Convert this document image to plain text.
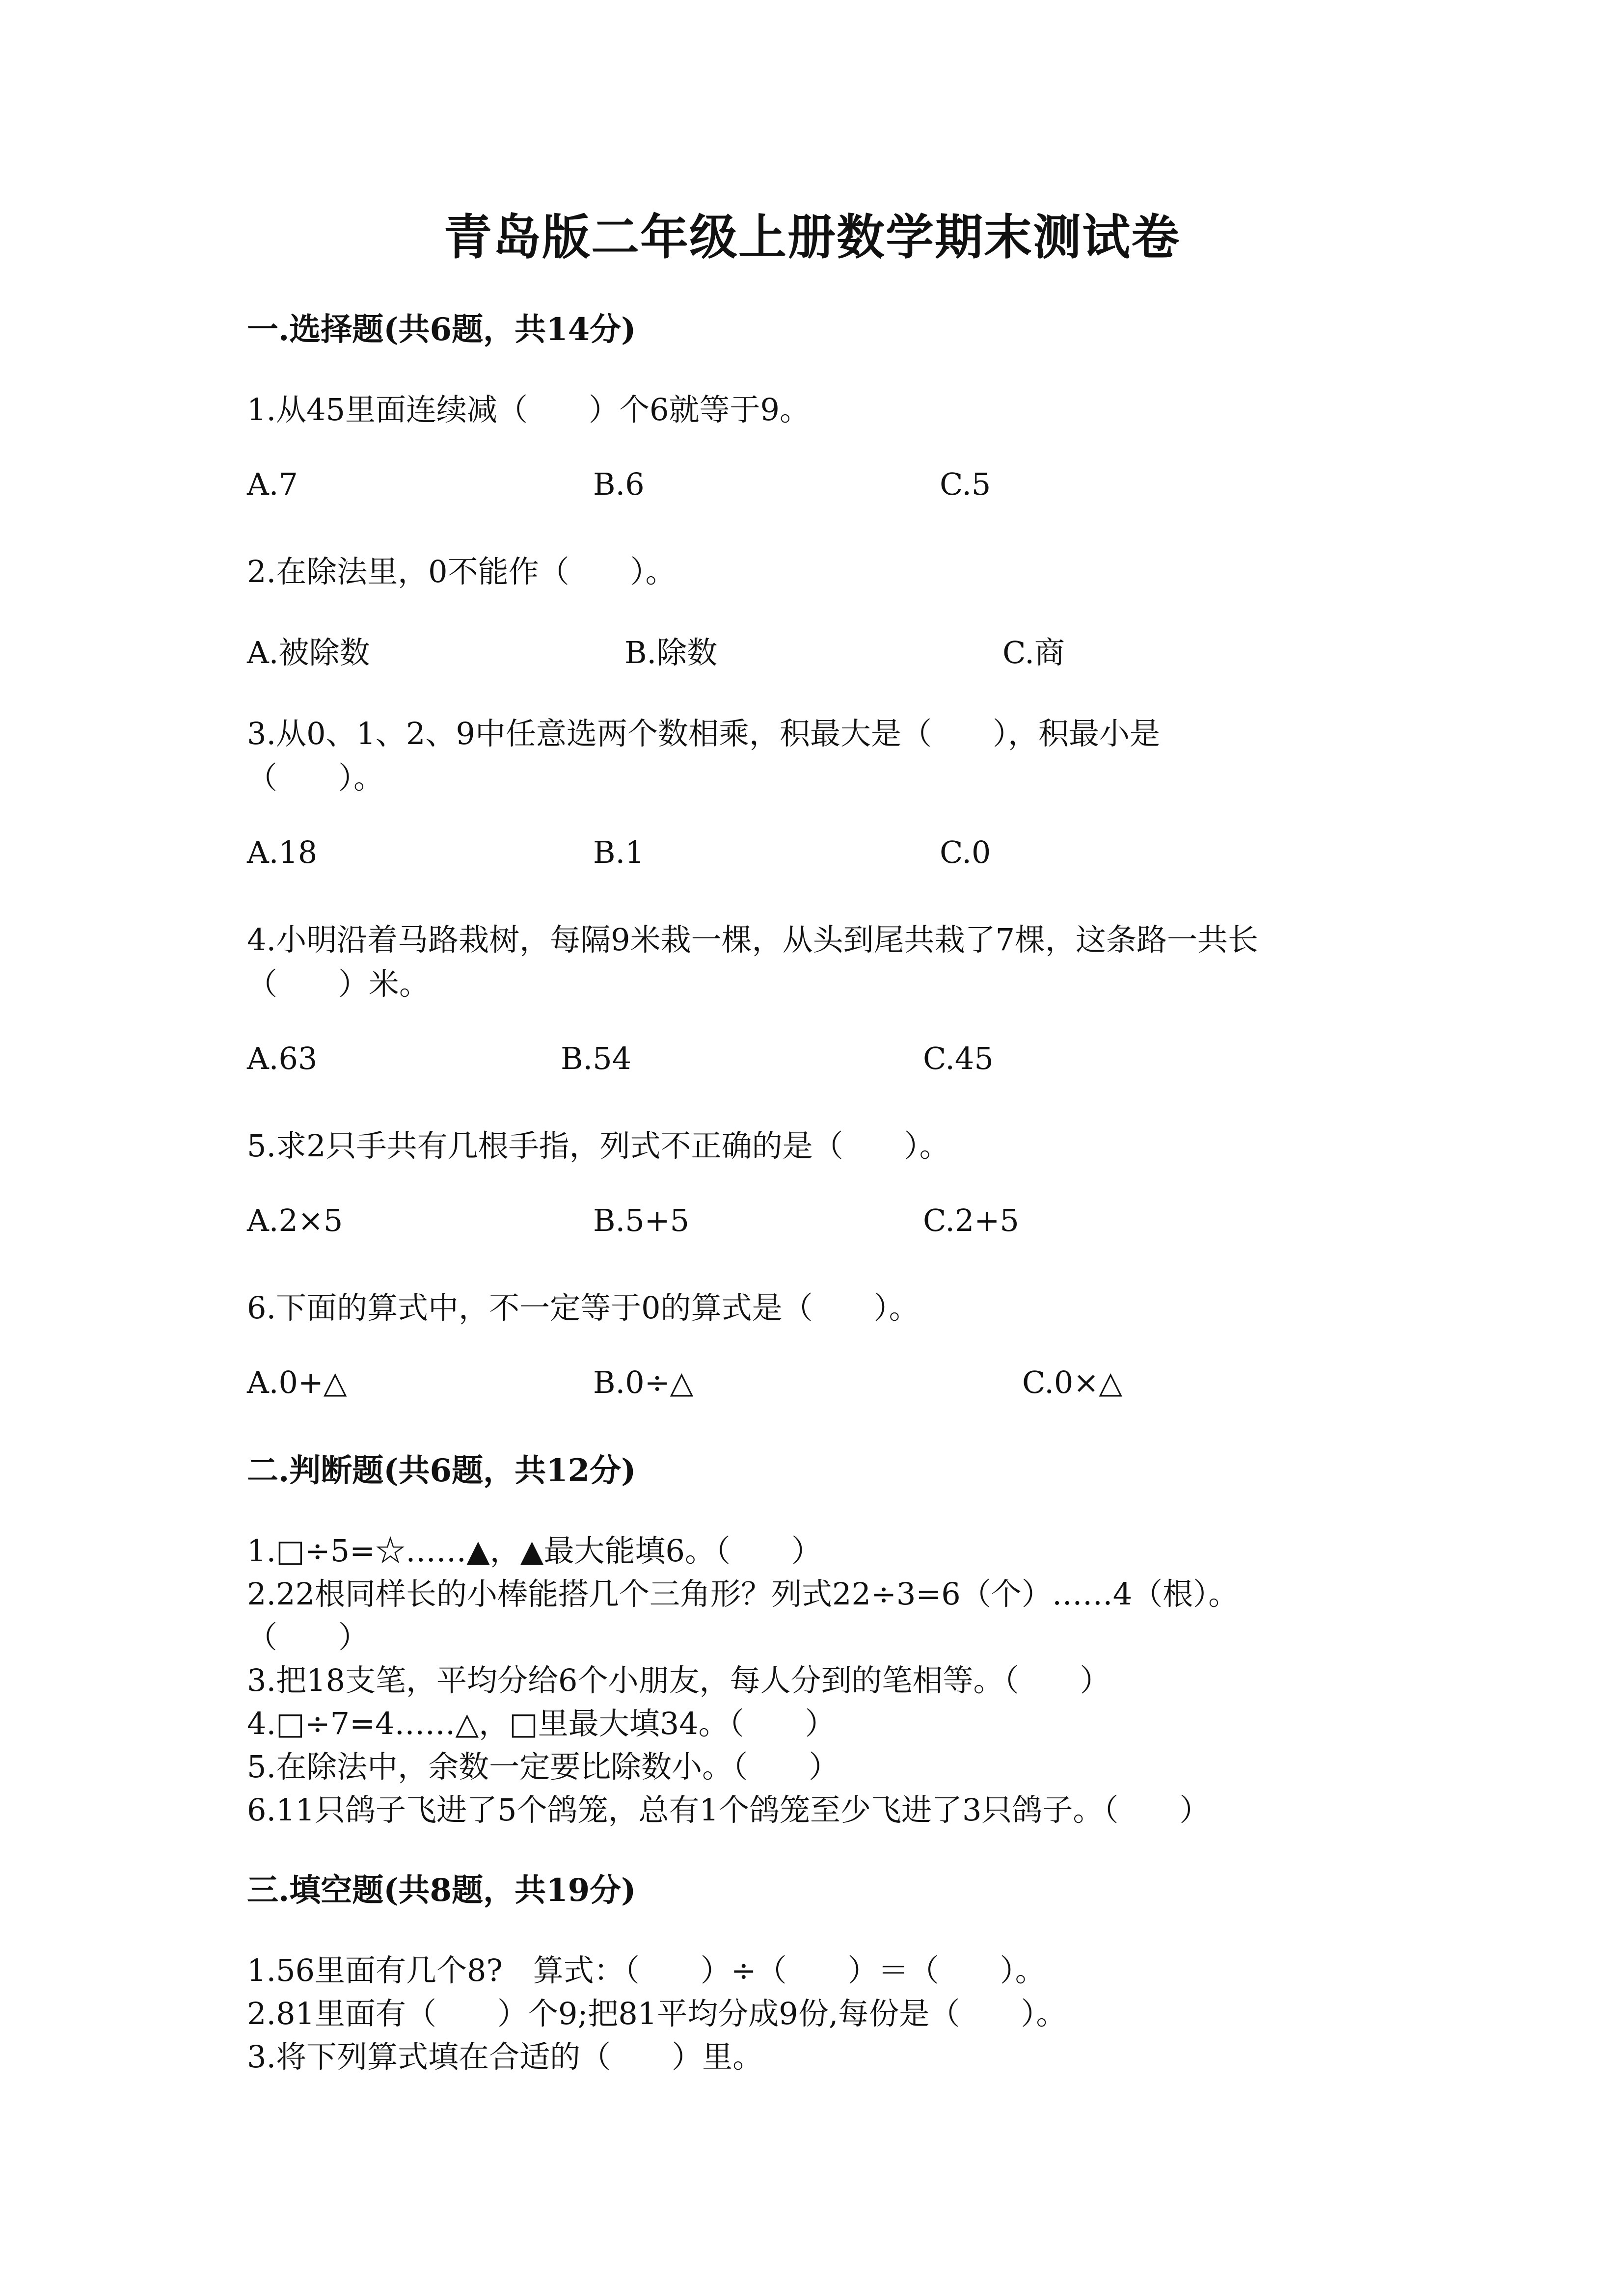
青岛版二年级上册数学期末测试卷
一.选择题(共6题，共14分)

1.从45里面连续减（　　）个6就等于9。

A.7	B.6	C.5

2.在除法里，0不能作（　　）。

A.被除数	B.除数	C.商

3.从0、1、2、9中任意选两个数相乘，积最大是（　　），积最小是

（　　）。

A.18	B.1	C.0

4.小明沿着马路栽树，每隔9米栽一棵，从头到尾共栽了7棵，这条路一共长

（　　）米。

A.63	B.54	C.45

5.求2只手共有几根手指，列式不正确的是（　　）。

A.2×5	B.5+5	C.2+5

6.下面的算式中，不一定等于0的算式是（　　）。

A.0+△	B.0÷△	C.0×△
二.判断题(共6题，共12分)

1.□÷5=☆……▲，▲最大能填6。（　　）

2.22根同样长的小棒能搭几个三角形？列式22÷3=6（个）……4（根）。

（　　）

3.把18支笔，平均分给6个小朋友，每人分到的笔相等。（　　）

4.□÷7=4……△，□里最大填34。（　　）

5.在除法中，余数一定要比除数小。（　　）

6.11只鸽子飞进了5个鸽笼，总有1个鸽笼至少飞进了3只鸽子。（　　）

三.填空题(共8题，共19分)

1.56里面有几个8?　算式：（　　）÷（　　）＝（　　）。

2.81里面有（　　）个9;把81平均分成9份,每份是（　　）。

3.将下列算式填在合适的（　　）里。
